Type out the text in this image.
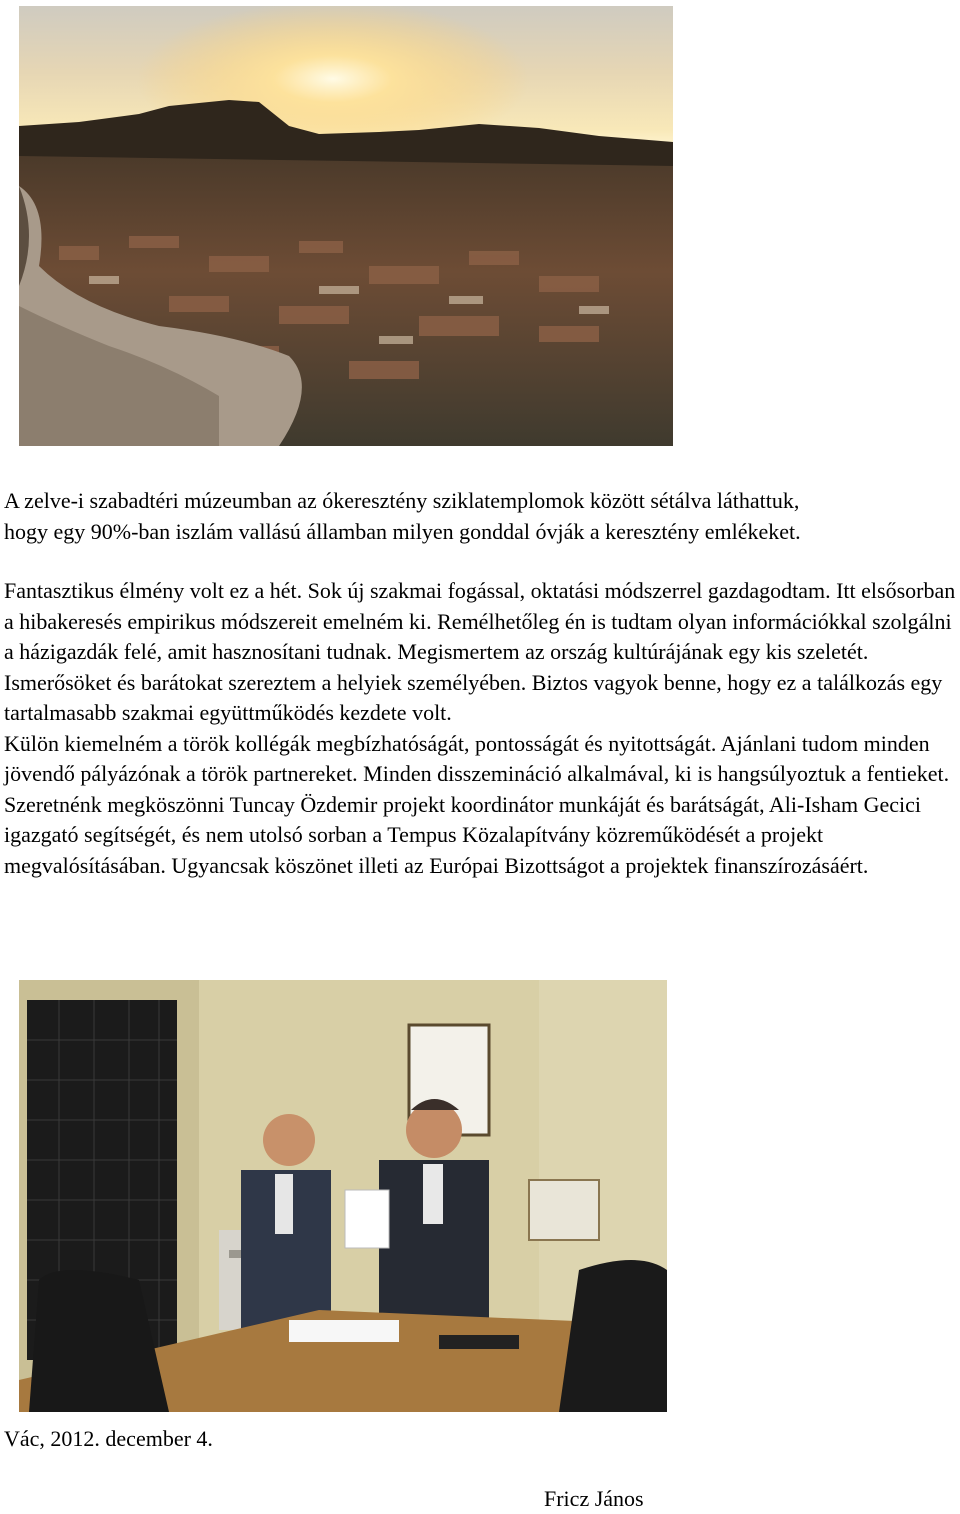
A zelve-i szabadtéri múzeumban az ókeresztény sziklatemplomok között sétálva láthattuk,
hogy egy 90%-ban iszlám vallású államban milyen gonddal óvják a keresztény emlékeket.

Fantasztikus élmény volt ez a hét. Sok új szakmai fogással, oktatási módszerrel gazdagodtam. Itt elsősorban a hibakeresés empirikus módszereit emelném ki. Remélhetőleg én is tudtam olyan információkkal szolgálni a házigazdák felé, amit hasznosítani tudnak. Megismertem az ország kultúrájának egy kis szeletét. Ismerősöket és barátokat szereztem a helyiek személyében. Biztos vagyok benne, hogy ez a találkozás egy tartalmasabb szakmai együttműködés kezdete volt.

Külön kiemelném a török kollégák megbízhatóságát, pontosságát és nyitottságát. Ajánlani tudom minden jövendő pályázónak a török partnereket. Minden disszemináció alkalmával, ki is hangsúlyoztuk a fentieket.

Szeretnénk megköszönni Tuncay Özdemir projekt koordinátor munkáját és barátságát, Ali-Isham Gecici igazgató segítségét, és nem utolsó sorban a Tempus Közalapítvány közreműködését a projekt megvalósításában. Ugyancsak köszönet illeti az Európai Bizottságot a projektek finanszírozásáért.

Vác, 2012. december 4.
Fricz János
